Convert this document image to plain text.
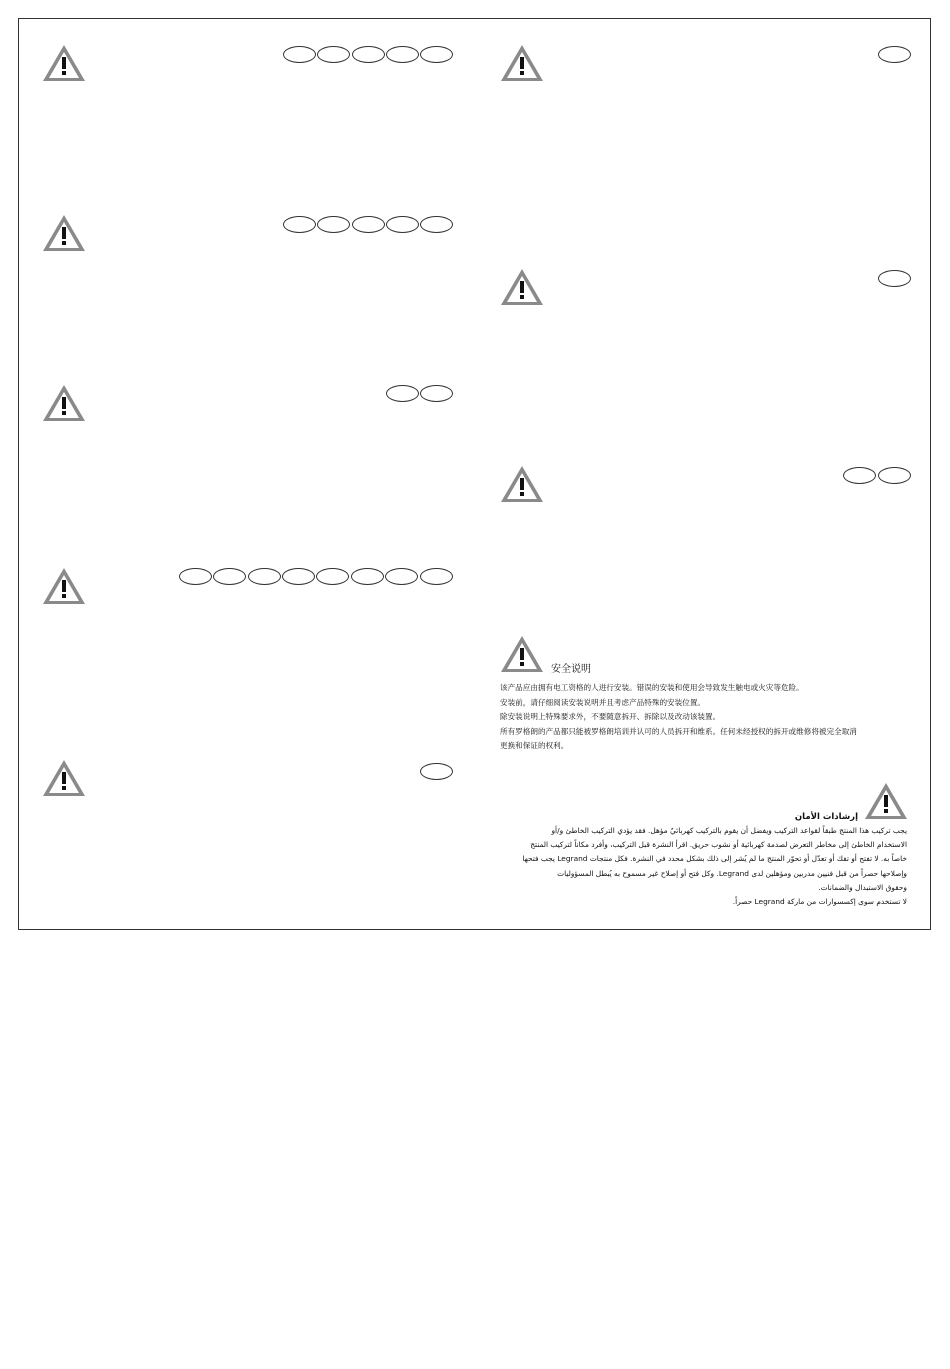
安全说明
该产品应由拥有电工资格的人进行安装。错误的安装和使用会导致发生触电或火灾等危险。
安装前，请仔细阅读安装说明并且考虑产品特殊的安装位置。
除安装说明上特殊要求外，不要随意拆开、拆除以及改动该装置。
所有罗格朗的产品都只能被罗格朗培训并认可的人员拆开和维系。任何未经授权的拆开或维修将被完全取消
更换和保证的权利。
إرشادات الأمان
يجب تركيب هذا المنتج طبقاً لقواعد التركيب ويفضل أن يقوم بالتركيب كهربائيٌ مؤهل. فقد يؤدي التركيب الخاطئ و/أو
الاستخدام الخاطئ إلى مخاطر التعرض لصدمة كهربائية أو نشوب حريق. اقرأ النشرة قبل التركيب، وأفرد مكاناً لتركيب المنتج
خاصاً به. لا تفتح أو تفك أو تعدّل أو تحوّر المنتج ما لم يُشر إلى ذلك بشكل محدد في النشرة. فكل منتجات Legrand يجب فتحها
وإصلاحها حصراً من قبل فنيين مدربين ومؤهلين لدى Legrand. وكل فتح أو إصلاح غير مسموح به يُبطل المسؤوليات
وحقوق الاستبدال والضمانات.
لا تستخدم سوى إكسسوارات من ماركة Legrand حصراً.
